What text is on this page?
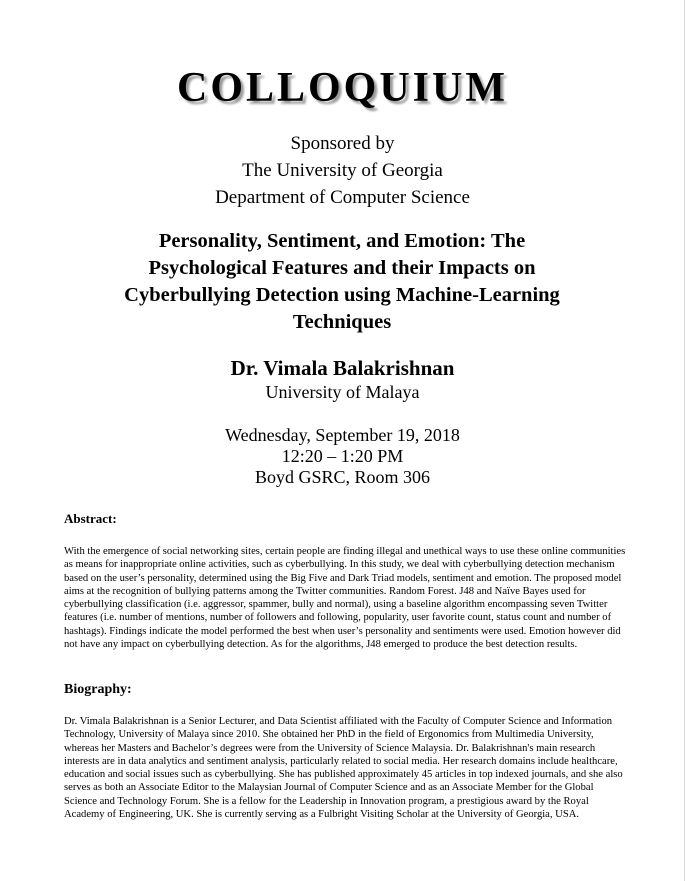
COLLOQUIUM
Sponsored by
The University of Georgia
Department of Computer Science
Personality, Sentiment, and Emotion: The Psychological Features and their Impacts on Cyberbullying Detection using Machine-Learning Techniques
Dr. Vimala Balakrishnan
University of Malaya
Wednesday, September 19, 2018
12:20 – 1:20 PM
Boyd GSRC, Room 306
Abstract:
With the emergence of social networking sites, certain people are finding illegal and unethical ways to use these online communities as means for inappropriate online activities, such as cyberbullying. In this study, we deal with cyberbullying detection mechanism based on the user’s personality, determined using the Big Five and Dark Triad models, sentiment and emotion. The proposed model aims at the recognition of bullying patterns among the Twitter communities. Random Forest. J48 and Naïve Bayes used for cyberbullying classification (i.e. aggressor, spammer, bully and normal), using a baseline algorithm encompassing seven Twitter features (i.e. number of mentions, number of followers and following, popularity, user favorite count, status count and number of hashtags). Findings indicate the model performed the best when user’s personality and sentiments were used. Emotion however did not have any impact on cyberbullying detection. As for the algorithms, J48 emerged to produce the best detection results.
Biography:
Dr. Vimala Balakrishnan is a Senior Lecturer, and Data Scientist affiliated with the Faculty of Computer Science and Information Technology, University of Malaya since 2010. She obtained her PhD in the field of Ergonomics from Multimedia University, whereas her Masters and Bachelor’s degrees were from the University of Science Malaysia. Dr. Balakrishnan's main research interests are in data analytics and sentiment analysis, particularly related to social media. Her research domains include healthcare, education and social issues such as cyberbullying. She has published approximately 45 articles in top indexed journals, and she also serves as both an Associate Editor to the Malaysian Journal of Computer Science and as an Associate Member for the Global Science and Technology Forum. She is a fellow for the Leadership in Innovation program, a prestigious award by the Royal Academy of Engineering, UK. She is currently serving as a Fulbright Visiting Scholar at the University of Georgia, USA.
